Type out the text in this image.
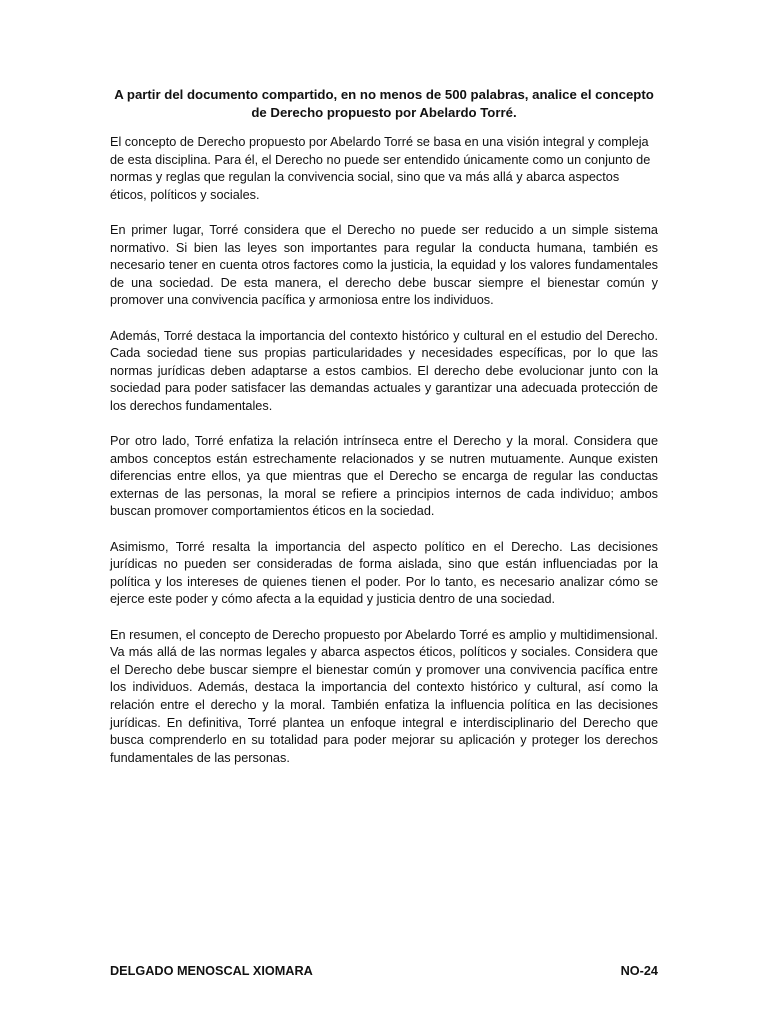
A partir del documento compartido, en no menos de 500 palabras, analice el concepto de Derecho propuesto por Abelardo Torré.

El concepto de Derecho propuesto por Abelardo Torré se basa en una visión integral y compleja de esta disciplina. Para él, el Derecho no puede ser entendido únicamente como un conjunto de normas y reglas que regulan la convivencia social, sino que va más allá y abarca aspectos éticos, políticos y sociales.

En primer lugar, Torré considera que el Derecho no puede ser reducido a un simple sistema normativo. Si bien las leyes son importantes para regular la conducta humana, también es necesario tener en cuenta otros factores como la justicia, la equidad y los valores fundamentales de una sociedad. De esta manera, el derecho debe buscar siempre el bienestar común y promover una convivencia pacífica y armoniosa entre los individuos.

Además, Torré destaca la importancia del contexto histórico y cultural en el estudio del Derecho. Cada sociedad tiene sus propias particularidades y necesidades específicas, por lo que las normas jurídicas deben adaptarse a estos cambios. El derecho debe evolucionar junto con la sociedad para poder satisfacer las demandas actuales y garantizar una adecuada protección de los derechos fundamentales.

Por otro lado, Torré enfatiza la relación intrínseca entre el Derecho y la moral. Considera que ambos conceptos están estrechamente relacionados y se nutren mutuamente. Aunque existen diferencias entre ellos, ya que mientras que el Derecho se encarga de regular las conductas externas de las personas, la moral se refiere a principios internos de cada individuo; ambos buscan promover comportamientos éticos en la sociedad.

Asimismo, Torré resalta la importancia del aspecto político en el Derecho. Las decisiones jurídicas no pueden ser consideradas de forma aislada, sino que están influenciadas por la política y los intereses de quienes tienen el poder. Por lo tanto, es necesario analizar cómo se ejerce este poder y cómo afecta a la equidad y justicia dentro de una sociedad.

En resumen, el concepto de Derecho propuesto por Abelardo Torré es amplio y multidimensional. Va más allá de las normas legales y abarca aspectos éticos, políticos y sociales. Considera que el Derecho debe buscar siempre el bienestar común y promover una convivencia pacífica entre los individuos. Además, destaca la importancia del contexto histórico y cultural, así como la relación entre el derecho y la moral. También enfatiza la influencia política en las decisiones jurídicas. En definitiva, Torré plantea un enfoque integral e interdisciplinario del Derecho que busca comprenderlo en su totalidad para poder mejorar su aplicación y proteger los derechos fundamentales de las personas.

DELGADO MENOSCAL XIOMARA	NO-24
